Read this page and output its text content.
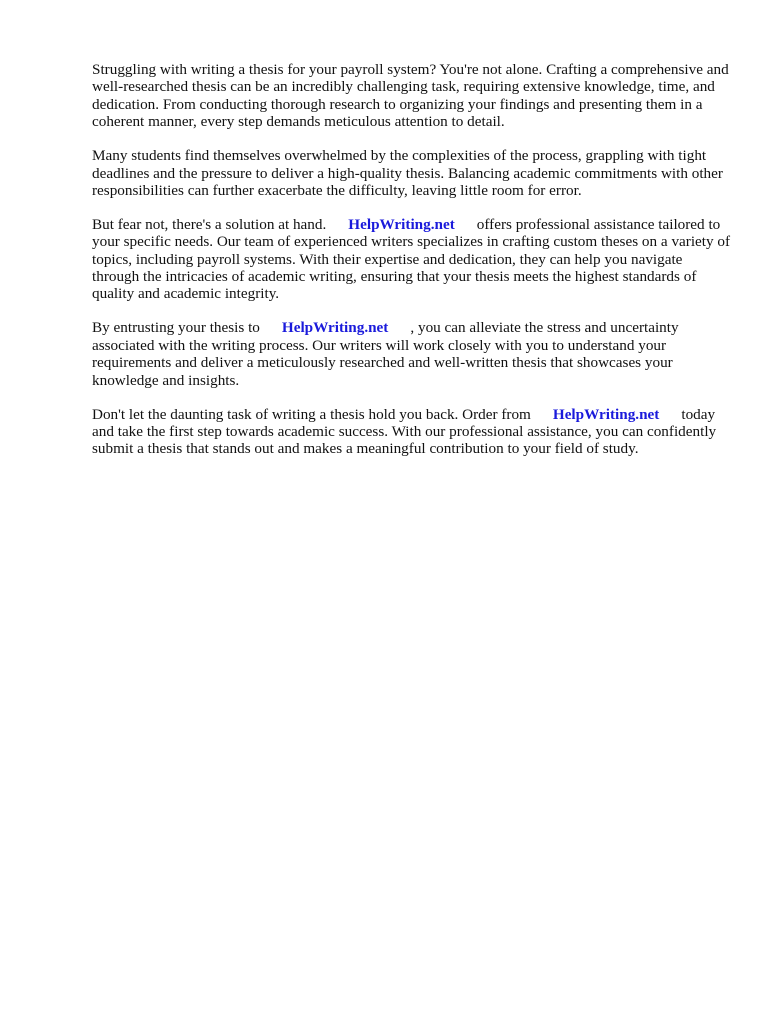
Struggling with writing a thesis for your payroll system? You're not alone. Crafting a comprehensive and well-researched thesis can be an incredibly challenging task, requiring extensive knowledge, time, and dedication. From conducting thorough research to organizing your findings and presenting them in a coherent manner, every step demands meticulous attention to detail.

Many students find themselves overwhelmed by the complexities of the process, grappling with tight deadlines and the pressure to deliver a high-quality thesis. Balancing academic commitments with other responsibilities can further exacerbate the difficulty, leaving little room for error.

But fear not, there's a solution at hand. HelpWriting.net offers professional assistance tailored to your specific needs. Our team of experienced writers specializes in crafting custom theses on a variety of topics, including payroll systems. With their expertise and dedication, they can help you navigate through the intricacies of academic writing, ensuring that your thesis meets the highest standards of quality and academic integrity.

By entrusting your thesis to HelpWriting.net , you can alleviate the stress and uncertainty associated with the writing process. Our writers will work closely with you to understand your requirements and deliver a meticulously researched and well-written thesis that showcases your knowledge and insights.

Don't let the daunting task of writing a thesis hold you back. Order from HelpWriting.net today and take the first step towards academic success. With our professional assistance, you can confidently submit a thesis that stands out and makes a meaningful contribution to your field of study.
